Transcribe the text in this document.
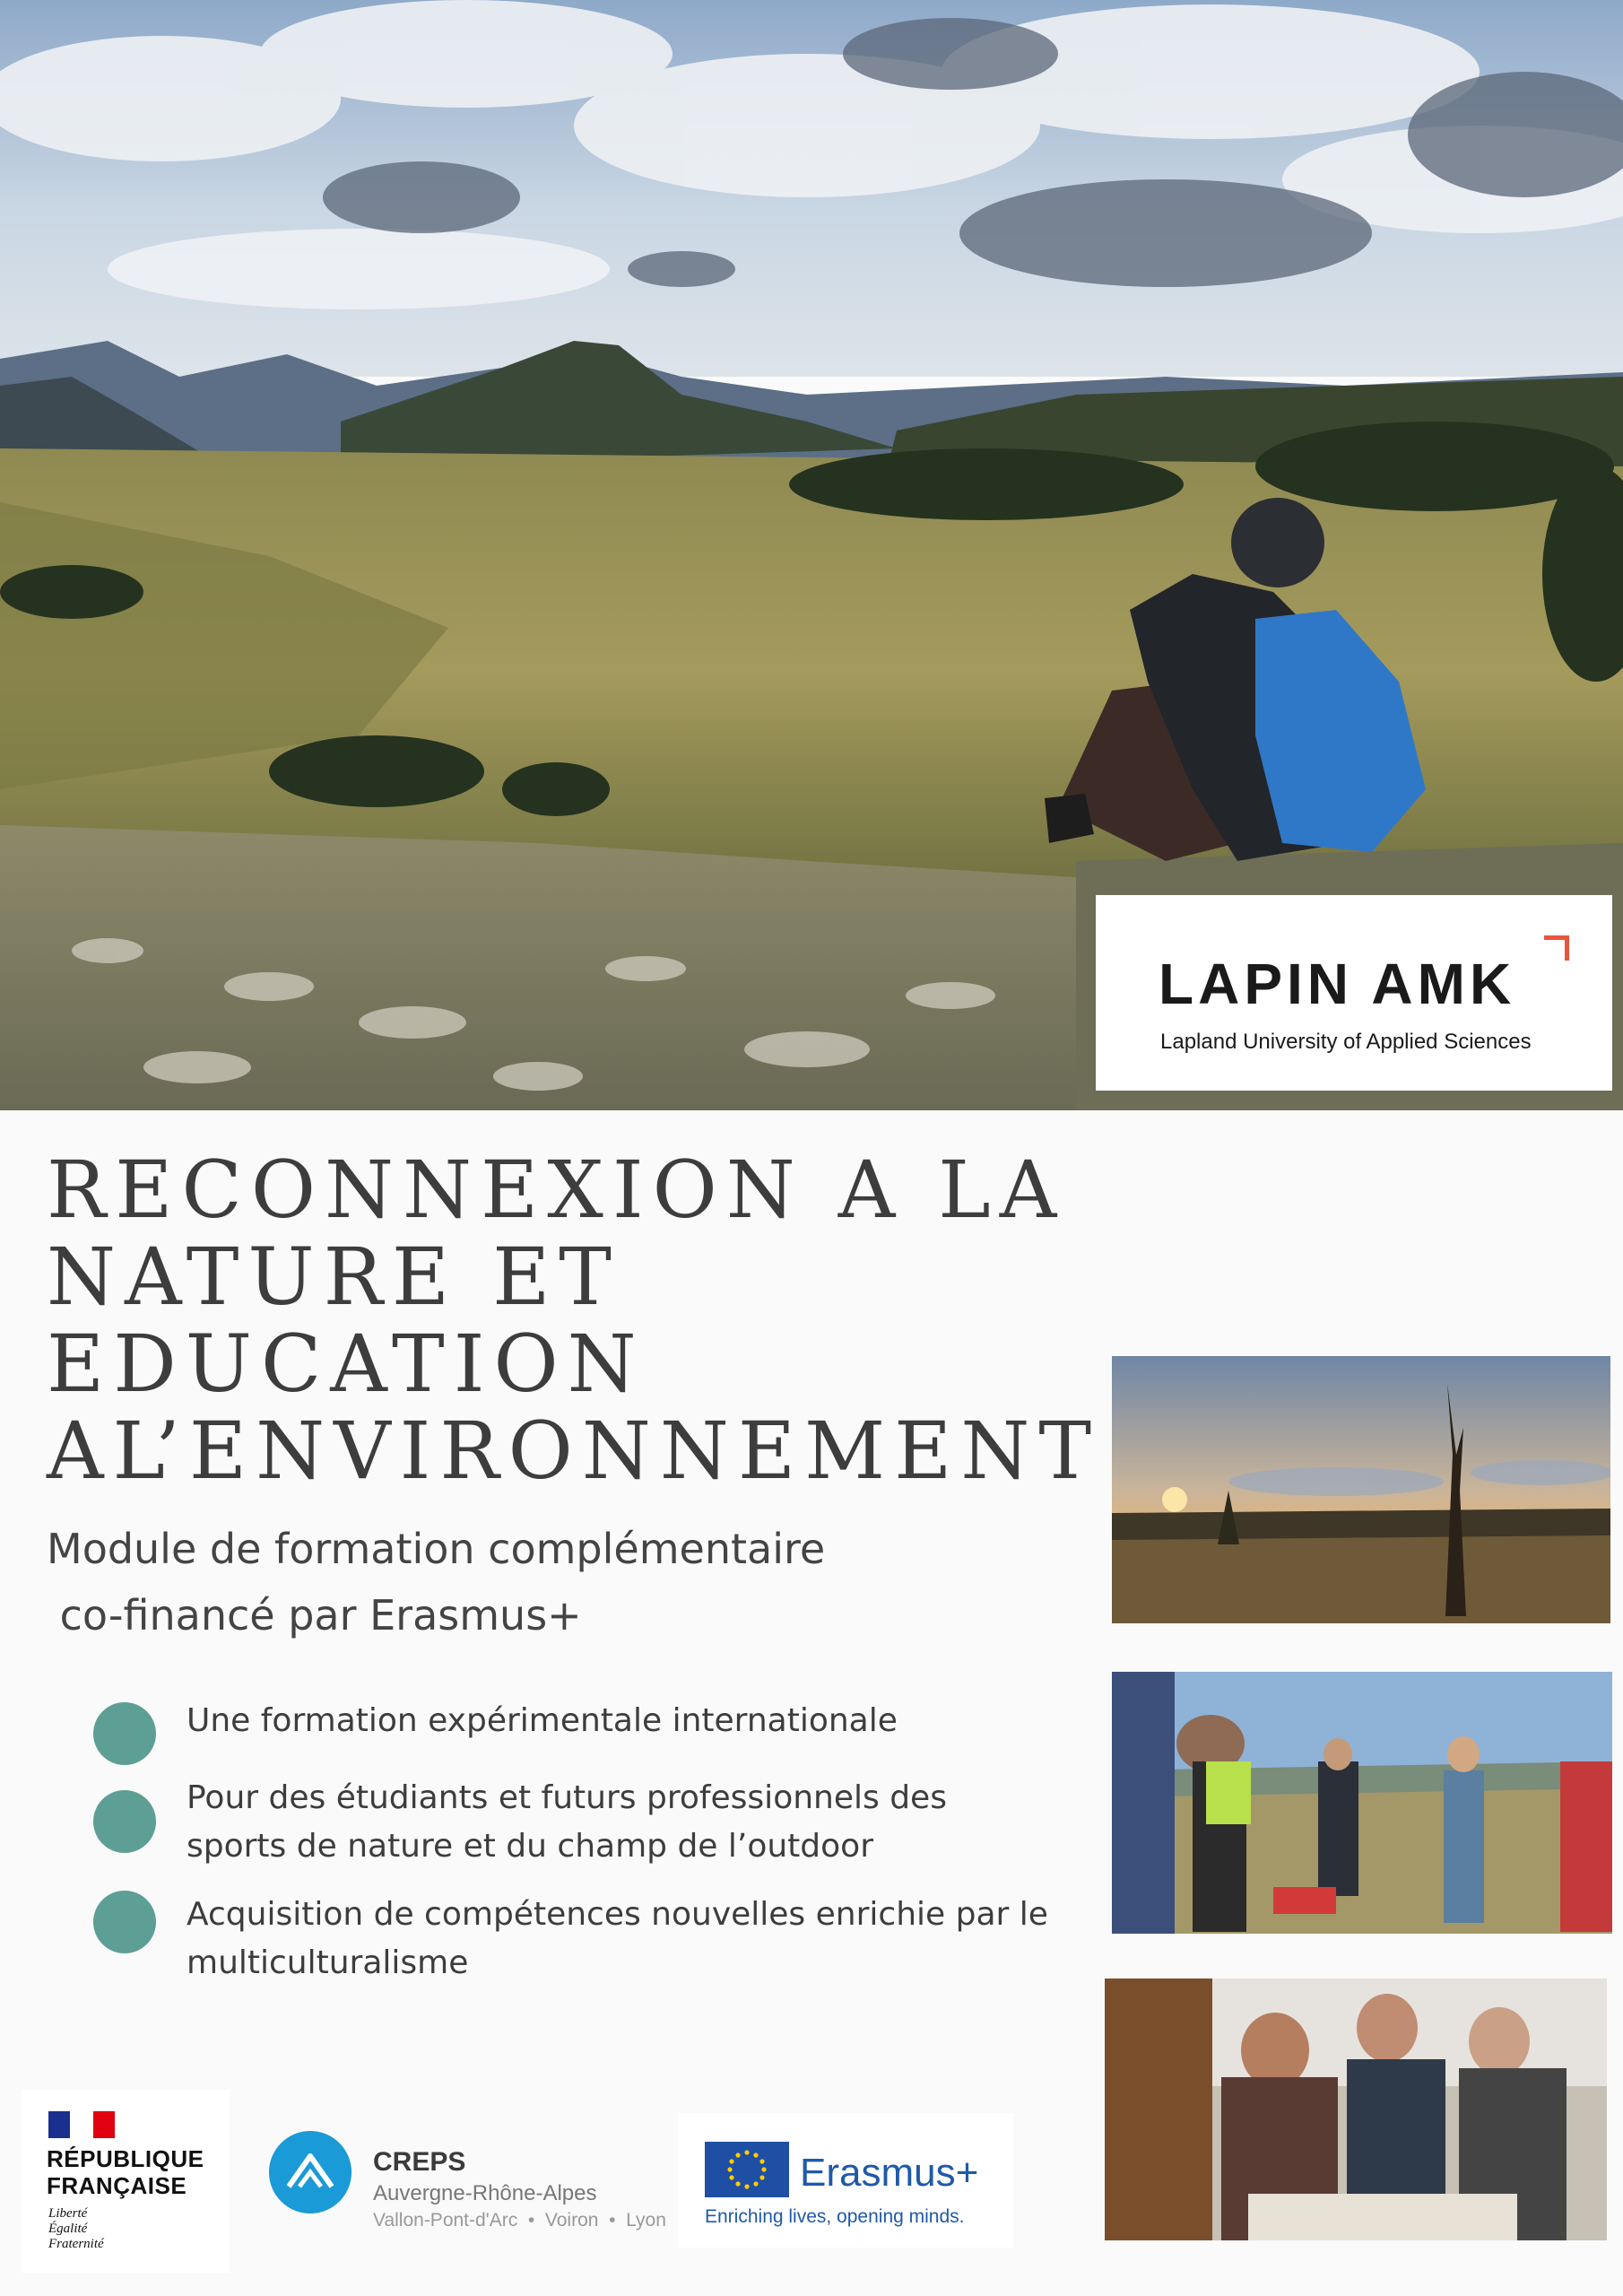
LAPIN AMK
Lapland University of Applied Sciences
RECONNEXION A LA
NATURE ET
EDUCATION
AL’ENVIRONNEMENT
Module de formation complémentaire
co-financé par Erasmus+
Une formation expérimentale internationale
Pour des étudiants et futurs professionnels des
sports de nature et du champ de l’outdoor
Acquisition de compétences nouvelles enrichie par le
multiculturalisme
RÉPUBLIQUE
FRANÇAISE
Liberté
Égalité
Fraternité
CREPS
Auvergne-Rhône-Alpes
Vallon-Pont-d'Arc  •  Voiron  •  Lyon
Erasmus+
Enriching lives, opening minds.
